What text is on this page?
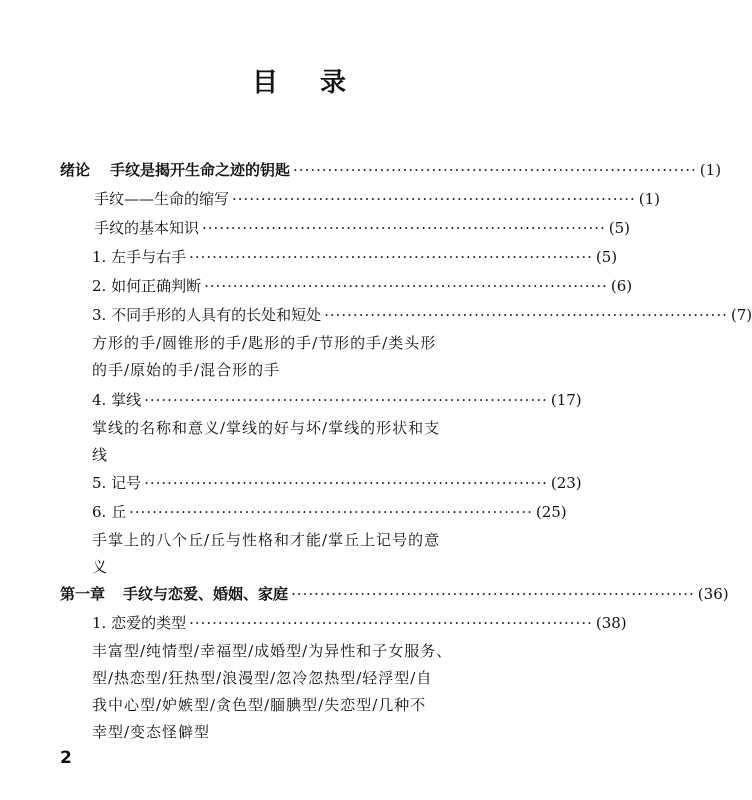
目 录
绪论 手纹是揭开生命之迹的钥匙 ······································································ (1)
手纹——生命的缩写 ······································································ (1)
手纹的基本知识 ······································································ (5)
1. 左手与右手 ······································································ (5)
2. 如何正确判断 ······································································ (6)
3. 不同手形的人具有的长处和短处 ······································································ (7)
方形的手/圆锥形的手/匙形的手/节形的手/类头形
的手/原始的手/混合形的手
4. 掌线 ······································································ (17)
掌线的名称和意义/掌线的好与坏/掌线的形状和支
线
5. 记号 ······································································ (23)
6. 丘 ······································································ (25)
手掌上的八个丘/丘与性格和才能/掌丘上记号的意
义
第一章 手纹与恋爱、婚姻、家庭 ······································································ (36)
1. 恋爱的类型 ······································································ (38)
丰富型/纯情型/幸福型/成婚型/为异性和子女服务、
型/热恋型/狂热型/浪漫型/忽冷忽热型/轻浮型/自
我中心型/妒嫉型/贪色型/腼腆型/失恋型/几种不
幸型/变态怪僻型
2
